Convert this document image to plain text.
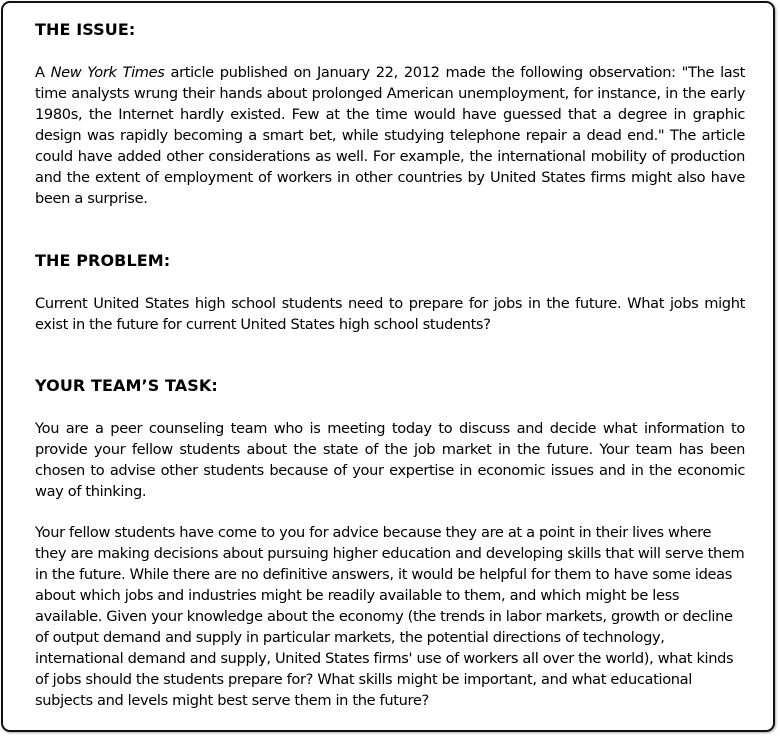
THE ISSUE:

A New York Times article published on January 22, 2012 made the following observation: "The last time analysts wrung their hands about prolonged American unemployment, for instance, in the early 1980s, the Internet hardly existed. Few at the time would have guessed that a degree in graphic design was rapidly becoming a smart bet, while studying telephone repair a dead end." The article could have added other considerations as well. For example, the international mobility of production and the extent of employment of workers in other countries by United States firms might also have been a surprise.

THE PROBLEM:

Current United States high school students need to prepare for jobs in the future. What jobs might exist in the future for current United States high school students?

YOUR TEAM’S TASK:

You are a peer counseling team who is meeting today to discuss and decide what information to provide your fellow students about the state of the job market in the future. Your team has been chosen to advise other students because of your expertise in economic issues and in the economic way of thinking.

Your fellow students have come to you for advice because they are at a point in their lives where they are making decisions about pursuing higher education and developing skills that will serve them in the future. While there are no definitive answers, it would be helpful for them to have some ideas about which jobs and industries might be readily available to them, and which might be less available. Given your knowledge about the economy (the trends in labor markets, growth or decline of output demand and supply in particular markets, the potential directions of technology, international demand and supply, United States firms' use of workers all over the world), what kinds of jobs should the students prepare for? What skills might be important, and what educational subjects and levels might best serve them in the future?
